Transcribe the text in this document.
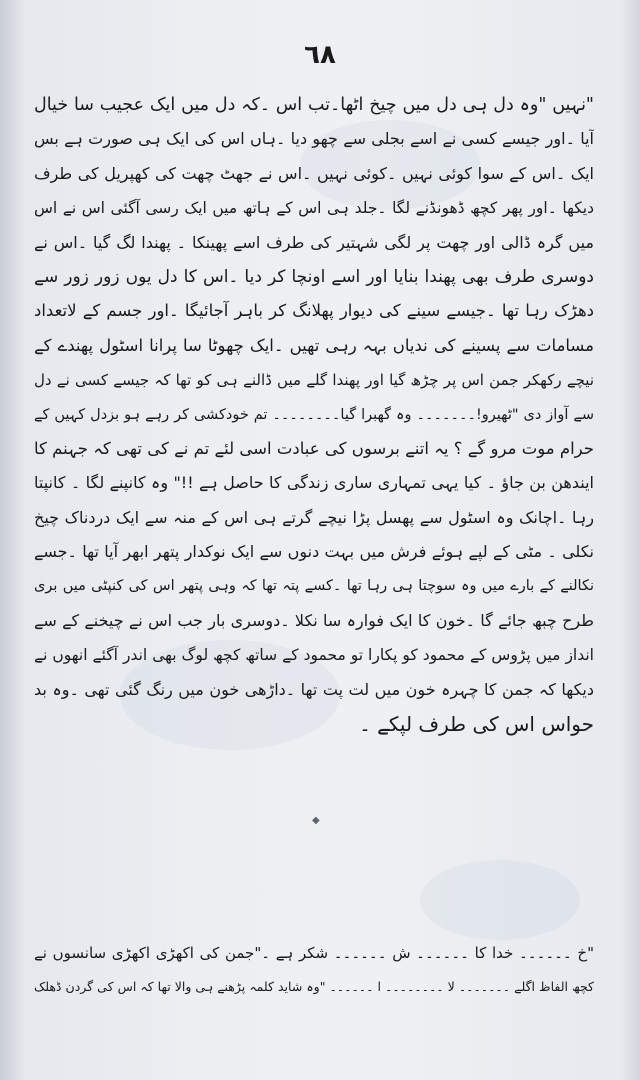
٦٨
"نہیں "وہ دل ہی دل میں چیخ اٹھا۔تب اس ۔کہ دل میں ایک عجیب سا خیال
آیا ۔اور جیسے کسی نے اسے بجلی سے چھو دیا ۔ہاں اس کی ایک ہی صورت ہے بس
ایک ۔اس کے سوا کوئی نہیں ۔کوئی نہیں ۔اس نے جھٹ چھت کی کھپریل کی طرف
دیکھا ۔اور پھر کچھ ڈھونڈنے لگا ۔جلد ہی اس کے ہاتھ میں ایک رسی آگئی اس نے اس
میں گرہ ڈالی اور چھت پر لگی شہتیر کی طرف اسے پھینکا ۔ پھندا لگ گیا ۔اس نے
دوسری طرف بھی پھندا بنایا اور اسے اونچا کر دیا ۔اس کا دل یوں زور زور سے
دھڑک رہا تھا ۔جیسے سینے کی دیوار پھلانگ کر باہر آجائیگا ۔اور جسم کے لاتعداد
مسامات سے پسینے کی ندیاں بہہ رہی تھیں ۔ایک چھوٹا سا پرانا اسٹول پھندے کے
نیچے رکھکر جمن اس پر چڑھ گیا اور پھندا گلے میں ڈالنے ہی کو تھا کہ جیسے کسی نے دل
سے آواز دی "ٹھیرو!۔۔۔۔۔۔۔ وہ گھبرا گیا۔۔۔۔۔۔۔۔ تم خودکشی کر رہے ہو بزدل کہیں کے
حرام موت مرو گے ؟ یہ اتنے برسوں کی عبادت اسی لئے تم نے کی تھی کہ جہنم کا
ایندھن بن جاؤ ۔ کیا یہی تمہاری ساری زندگی کا حاصل ہے !!" وہ کانپنے لگا ۔ کانپتا
رہا ۔اچانک وہ اسٹول سے پھسل پڑا نیچے گرتے ہی اس کے منہ سے ایک دردناک چیخ
نکلی ۔ مٹی کے لپے ہوئے فرش میں بہت دنوں سے ایک نوکدار پتھر ابھر آیا تھا ۔جسے
نکالنے کے بارے میں وہ سوچتا ہی رہا تھا ۔کسے پتہ تھا کہ وہی پتھر اس کی کنپٹی میں بری
طرح چبھ جائے گا ۔خون کا ایک فوارہ سا نکلا ۔دوسری بار جب اس نے چیخنے کے سے
انداز میں پڑوس کے محمود کو پکارا تو محمود کے ساتھ کچھ لوگ بھی اندر آگئے انھوں نے
دیکھا کہ جمن کا چہرہ خون میں لت پت تھا ۔داڑھی خون میں رنگ گئی تھی ۔وہ بد
حواس اس کی طرف لپکے ۔
◆
"خ ۔۔۔۔۔۔ خدا کا ۔۔۔۔۔۔ ش ۔۔۔۔۔۔ شکر ہے ۔"جمن کی اکھڑی اکھڑی سانسوں نے
کچھ الفاظ اگلے ۔۔۔۔۔۔۔ لا ۔۔۔۔۔۔۔۔ ا ۔۔۔۔۔۔ "وہ شاید کلمہ پڑھنے ہی والا تھا کہ اس کی گردن ڈھلک
